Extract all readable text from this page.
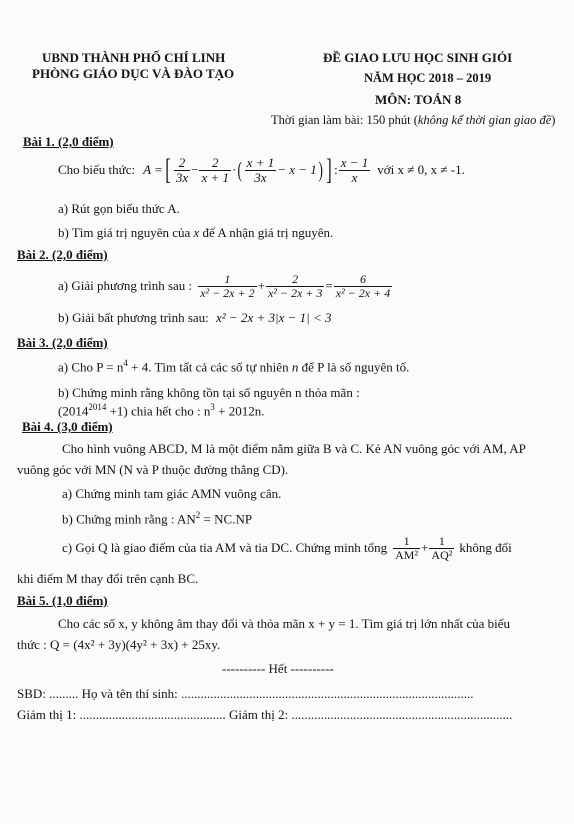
UBND THÀNH PHỐ CHÍ LINH
PHÒNG GIÁO DỤC VÀ ĐÀO TẠO
ĐỀ GIAO LƯU HỌC SINH GIỎI
NĂM HỌC 2018 – 2019
MÔN: TOÁN 8
Thời gian làm bài: 150 phút (không kể thời gian giao đề)
Bài 1. (2,0 điểm)
Cho biểu thức: A = [ $\frac{2}{3x} - \frac{2}{x + 1}$ · ( $\frac{x + 1}{3x} - x - 1$ ) ] : $\frac{x - 1}{x}$ với x ≠ 0, x ≠ -1.
a) Rút gọn biểu thức A.
b) Tìm giá trị nguyên của x để A nhận giá trị nguyên.
Bài 2. (2,0 điểm)
a) Giải phương trình sau : $\frac{1}{\text{x² − 2x + 2}} + \frac{2}{\text{x² − 2x + 3}} = \frac{6}{\text{x² − 2x + 4}}$
b) Giải bất phương trình sau: x² − 2x + 3|x − 1| < 3
Bài 3. (2,0 điểm)
a) Cho $P = n^4 + 4$. Tìm tất cả các số tự nhiên n để P là số nguyên tố.
b) Chứng minh rằng không tồn tại số nguyên n thỏa mãn :
$(2014^{2014} +1)$ chia hết cho : $n^3 + 2012n$.
Bài 4. (3,0 điểm)
Cho hình vuông ABCD, M là một điểm nằm giữa B và C. Kẻ AN vuông góc với AM, AP
vuông góc với MN (N và P thuộc đường thẳng CD).
a) Chứng minh tam giác AMN vuông cân.
b) Chứng minh rằng : $AN^2 = NC.NP$
c) Gọi Q là giao điểm của tia AM và tia DC. Chứng minh tổng $\frac{1}{\text{AM²}} + \frac{1}{\text{AQ²}}$ không đổi
khi điểm M thay đổi trên cạnh BC.
Bài 5. (1,0 điểm)
Cho các số x, y không âm thay đổi và thỏa mãn x + y = 1. Tìm giá trị lớn nhất của biểu
thức : Q = (4x² + 3y)(4y² + 3x) + 25xy.
---------- Hết ----------
SBD: ......... Họ và tên thí sinh: ..........................................................................................
Giám thị 1: ............................................. Giám thị 2: ....................................................................
